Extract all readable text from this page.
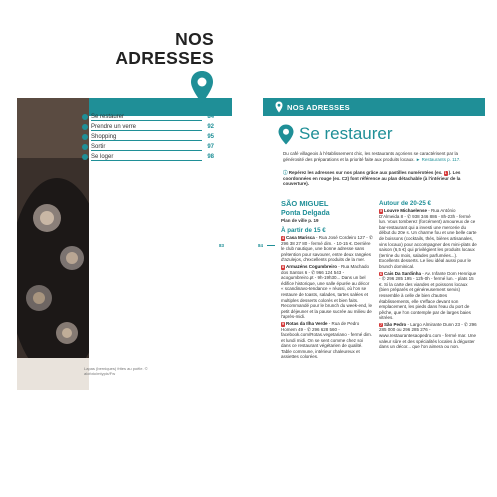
NOS
ADRESSES
Se restaurer	84
Prendre un verre	92
Shopping	95
Sortir	97
Se loger	98
Lapas (berniques) frites au poêle. © alofoto/mtypix/Fw
83
NOS ADRESSES
Se restaurer
84
Du café villageois à l'établissement chic, les restaurants açoriens se caractérisent par la générosité des préparations et la priorité faite aux produits locaux. ► Restaurants p. 117.
ⓘ Repérez les adresses sur nos plans grâce aux pastilles numérotées (ex. 1 ). Les coordonnées en rouge (ex. C2) font référence au plan détachable (à l'intérieur de la couverture).
SÃO MIGUEL
Ponta Delgada
Plan de ville p. 19
À partir de 15 €
4 Casa Marisca - Rua José Cordeiro 127 - ✆ 296 38 27 80 - fermé dim. - 10-15 €. Derrière le club nautique, une bonne adresse sans prétention pour savourer, entre deux rangées d'azulejos, d'excellents produits de la mer.
8 Armazéns Cogumbreiro - Rua Machado dos Santos 6 - ✆ 966 124 543 - acogumbreiro.pt - 9h-19h30... Dans un bel édifice historique, une salle épurée au décor « scandinavo-tendance » réussi, où l'on se restaure de toasts, salades, tartes salées et multiples desserts colorés et bien faits. Recommandé pour le brunch du week-end, le petit déjeuner et la pause sucrée au milieu de l'après-midi.
9 Rotas da Ilha Verde - Rua de Pedro Homem 49 - ✆ 296 628 560 - facebook.com/Rotas.vegetariano - fermé dim. et lundi midi. On se sent comme chez soi dans ce restaurant végétarien de qualité. Table commune, intérieur chaleureux et assiettes colorées.
Autour de 20-25 €
5 Louvre Michaelense - Rua António D'Almeida 8 - ✆ 938 346 886 - 8h-23h - fermé lun. Vous tomberez (forcément) amoureux de ce bar-restaurant qui a investi une mercerie du début du 20e s. Un charme fou et une belle carte de boissons (cocktails, thés, bières artisanales, vins locaux) pour accompagner des mini-plats de saison (6,5 €) qui privilégient les produits locaux (terrine du mois, salades parfumées...). Excellents desserts. Le lieu idéal aussi pour le brunch dominical.
6 Cais Da Sardinha - Av. Infante Dom Henrique - ✆ 296 285 195 - 12h-0h - fermé lun. - plats 15 €. Si la carte des viandes et poissons locaux (bien préparés et généreusement servis) ressemble à celle de bien d'autres établissements, elle s'efface devant son emplacement, les pieds dans l'eau du port de pêche, que l'on contemple par de larges baies vitrées.
7 São Pedro - Largo Almirante Dunn 23 - ✆ 296 285 000 ou 296 285 276 - www.restaurantesaopedro.com - fermé mar. Une valeur sûre et des spécialités locales à déguster dans un décor... que l'on aimera ou non.
